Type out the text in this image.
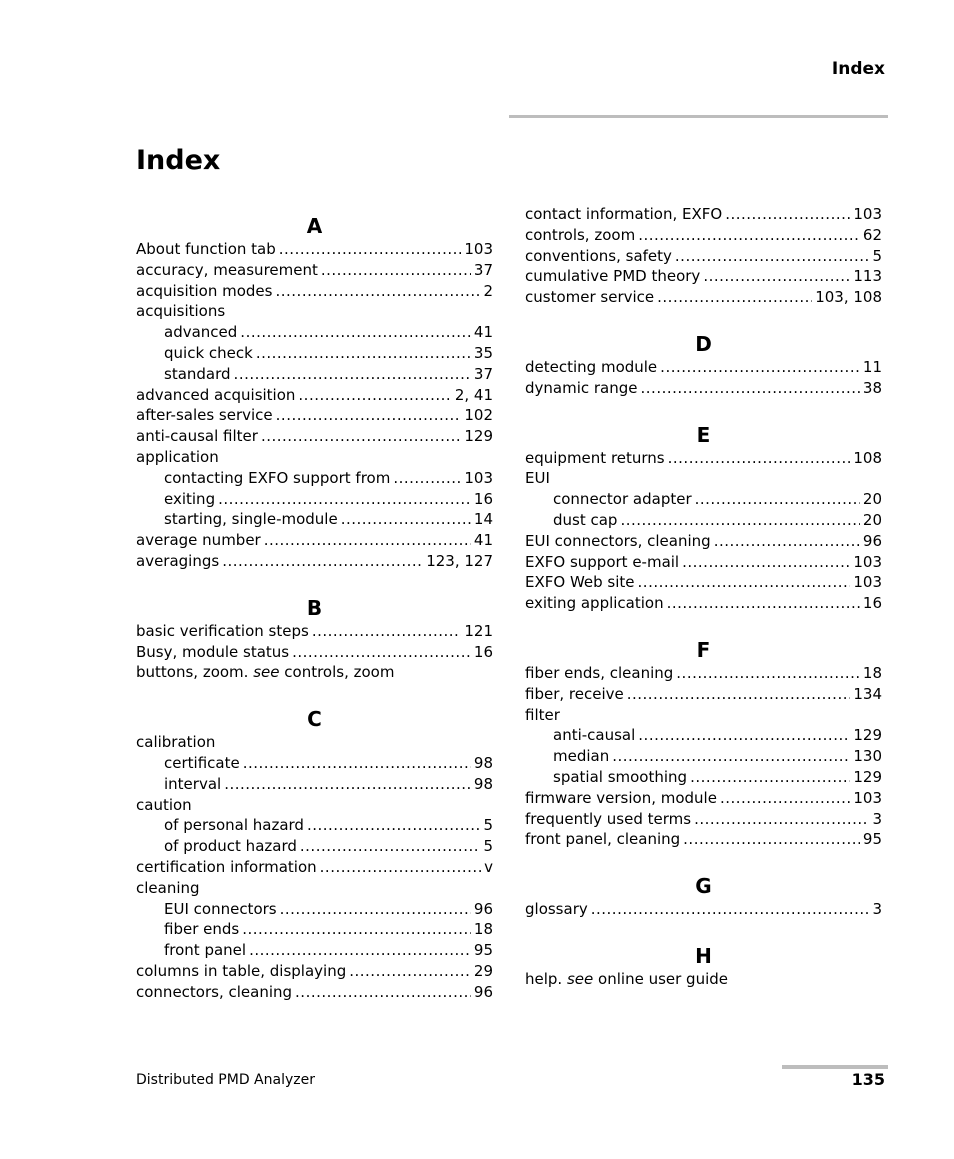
Index
Index
A
About function tab .....	103
accuracy, measurement .....	37
acquisition modes .....	2
acquisitions
advanced .....	41
quick check .....	35
standard .....	37
advanced acquisition .....	2, 41
after-sales service .....	102
anti-causal filter .....	129
application
contacting EXFO support from .....	103
exiting .....	16
starting, single-module .....	14
average number .....	41
averagings .....	123, 127
B
basic verification steps .....	121
Busy, module status .....	16
buttons, zoom. see controls, zoom
C
calibration
certificate .....	98
interval .....	98
caution
of personal hazard .....	5
of product hazard .....	5
certification information .....	v
cleaning
EUI connectors .....	96
fiber ends .....	18
front panel .....	95
columns in table, displaying .....	29
connectors, cleaning .....	96
contact information, EXFO .....	103
controls, zoom .....	62
conventions, safety .....	5
cumulative PMD theory .....	113
customer service .....	103, 108
D
detecting module .....	11
dynamic range .....	38
E
equipment returns .....	108
EUI
connector adapter .....	20
dust cap .....	20
EUI connectors, cleaning .....	96
EXFO support e-mail .....	103
EXFO Web site .....	103
exiting application .....	16
F
fiber ends, cleaning .....	18
fiber, receive .....	134
filter
anti-causal .....	129
median .....	130
spatial smoothing .....	129
firmware version, module .....	103
frequently used terms .....	3
front panel, cleaning .....	95
G
glossary .....	3
H
help. see online user guide
Distributed PMD Analyzer	135
